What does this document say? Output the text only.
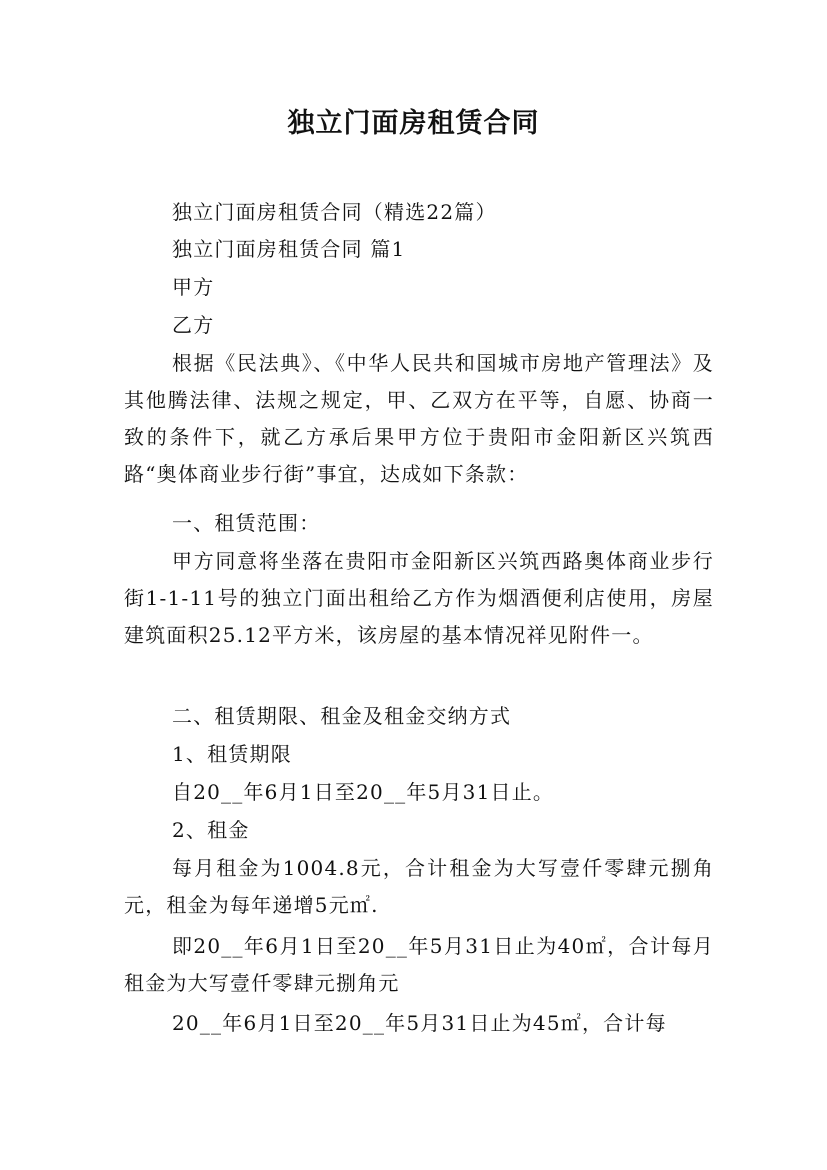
独立门面房租赁合同

独立门面房租赁合同（精选22篇）

独立门面房租赁合同 篇1

甲方

乙方

根据《民法典》、《中华人民共和国城市房地产管理法》及其他腾法律、法规之规定，甲、乙双方在平等，自愿、协商一致的条件下，就乙方承后果甲方位于贵阳市金阳新区兴筑西路“奥体商业步行街”事宜，达成如下条款：

一、租赁范围：

甲方同意将坐落在贵阳市金阳新区兴筑西路奥体商业步行街1-1-11号的独立门面出租给乙方作为烟酒便利店使用，房屋建筑面积25.12平方米，该房屋的基本情况祥见附件一。

二、租赁期限、租金及租金交纳方式

1、租赁期限

自20__年6月1日至20__年5月31日止。

2、租金

每月租金为1004.8元，合计租金为大写壹仟零肆元捌角元，租金为每年递增5元㎡.

即20__年6月1日至20__年5月31日止为40㎡，合计每月租金为大写壹仟零肆元捌角元

20__年6月1日至20__年5月31日止为45㎡，合计每
